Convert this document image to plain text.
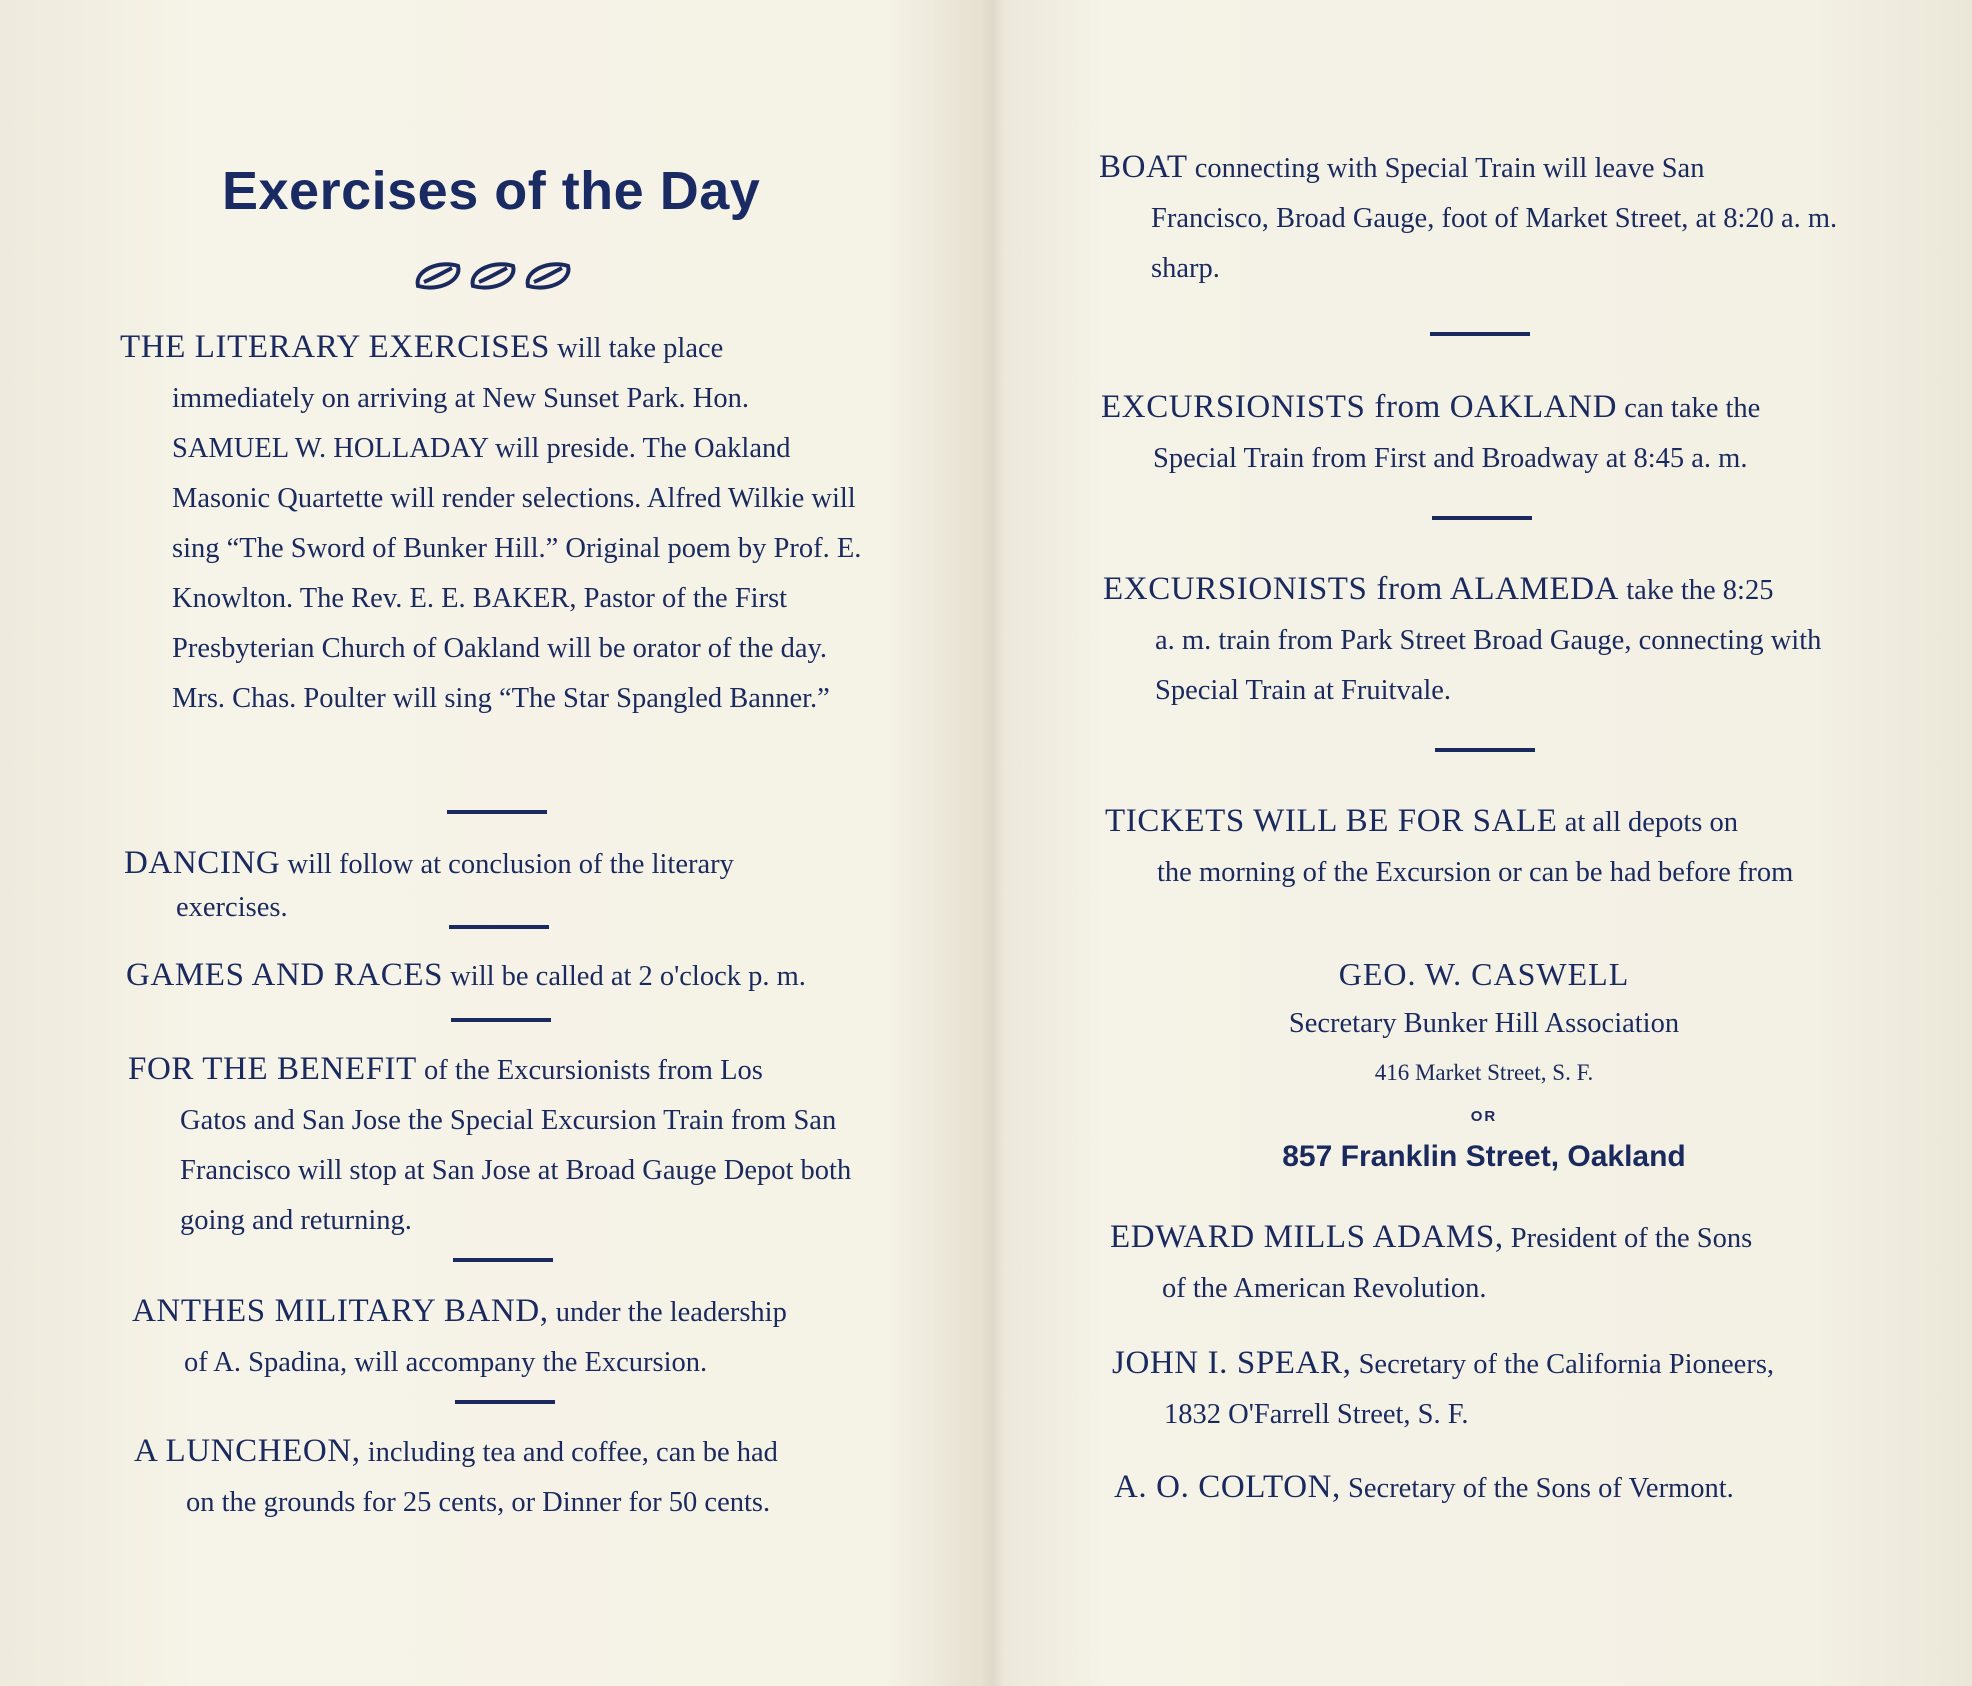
Exercises of the Day
THE LITERARY EXERCISES will take place
immediately on arriving at New Sunset Park. Hon. SAMUEL W. HOLLADAY will preside. The Oakland Masonic Quartette will render selections. Alfred Wilkie will sing “The Sword of Bunker Hill.” Original poem by Prof. E. Knowlton. The Rev. E. E. BAKER, Pastor of the First Presbyterian Church of Oakland will be orator of the day. Mrs. Chas. Poulter will sing “The Star Spangled Banner.”
DANCING will follow at conclusion of the literary
exercises.
GAMES AND RACES will be called at 2 o'clock p. m.
FOR THE BENEFIT of the Excursionists from Los
Gatos and San Jose the Special Excursion Train from San Francisco will stop at San Jose at Broad Gauge Depot both going and returning.
ANTHES MILITARY BAND, under the leadership
of A. Spadina, will accompany the Excursion.
A LUNCHEON, including tea and coffee, can be had
on the grounds for 25 cents, or Dinner for 50 cents.
BOAT connecting with Special Train will leave San
Francisco, Broad Gauge, foot of Market Street, at 8:20 a. m. sharp.
EXCURSIONISTS from OAKLAND can take the
Special Train from First and Broadway at 8:45 a. m.
EXCURSIONISTS from ALAMEDA take the 8:25
a. m. train from Park Street Broad Gauge, connecting with Special Train at Fruitvale.
TICKETS WILL BE FOR SALE at all depots on
the morning of the Excursion or can be had before from
GEO. W. CASWELL
Secretary Bunker Hill Association
416 Market Street, S. F.
OR
857 Franklin Street, Oakland
EDWARD MILLS ADAMS, President of the Sons
of the American Revolution.
JOHN I. SPEAR, Secretary of the California Pioneers,
1832 O'Farrell Street, S. F.
A. O. COLTON, Secretary of the Sons of Vermont.
